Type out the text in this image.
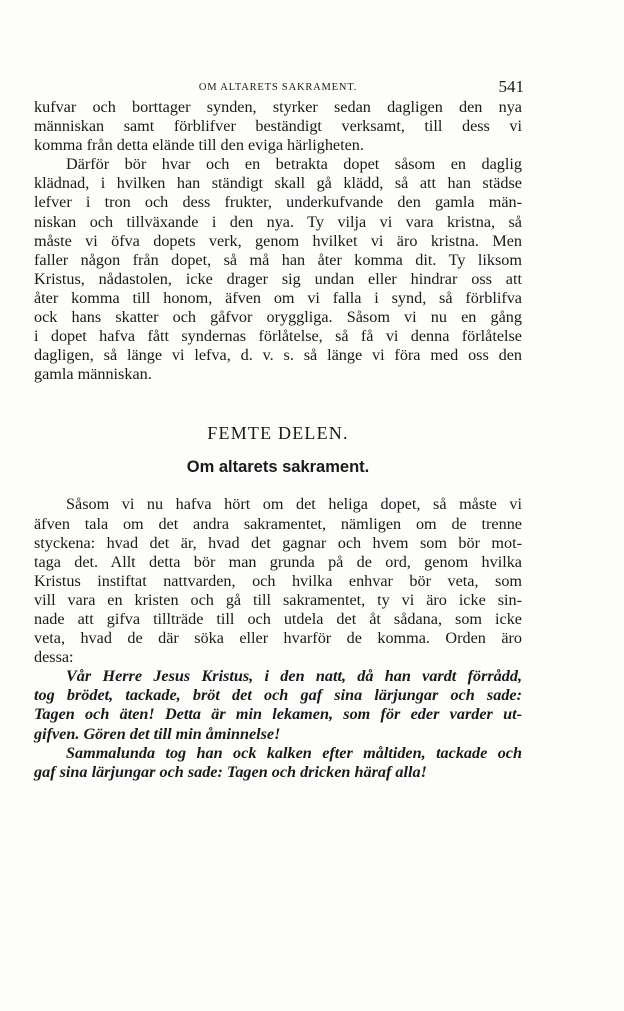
OM ALTARETS SAKRAMENT.	541
kufvar och borttager synden, styrker sedan dagligen den nya
människan samt förblifver beständigt verksamt, till dess vi
komma från detta elände till den eviga härligheten.
Därför bör hvar och en betrakta dopet såsom en daglig
klädnad, i hvilken han ständigt skall gå klädd, så att han städse
lefver i tron och dess frukter, underkufvande den gamla män-
niskan och tillväxande i den nya. Ty vilja vi vara kristna, så
måste vi öfva dopets verk, genom hvilket vi äro kristna. Men
faller någon från dopet, så må han åter komma dit. Ty liksom
Kristus, nådastolen, icke drager sig undan eller hindrar oss att
åter komma till honom, äfven om vi falla i synd, så förblifva
ock hans skatter och gåfvor oryggliga. Såsom vi nu en gång
i dopet hafva fått syndernas förlåtelse, så få vi denna förlåtelse
dagligen, så länge vi lefva, d. v. s. så länge vi föra med oss den
gamla människan.
FEMTE DELEN.
Om altarets sakrament.
Såsom vi nu hafva hört om det heliga dopet, så måste vi
äfven tala om det andra sakramentet, nämligen om de trenne
styckena: hvad det är, hvad det gagnar och hvem som bör mot-
taga det. Allt detta bör man grunda på de ord, genom hvilka
Kristus instiftat nattvarden, och hvilka enhvar bör veta, som
vill vara en kristen och gå till sakramentet, ty vi äro icke sin-
nade att gifva tillträde till och utdela det åt sådana, som icke
veta, hvad de där söka eller hvarför de komma. Orden äro
dessa:
Vår Herre Jesus Kristus, i den natt, då han vardt förrådd,
tog brödet, tackade, bröt det och gaf sina lärjungar och sade:
Tagen och äten! Detta är min lekamen, som för eder varder ut-
gifven. Gören det till min åminnelse!
Sammalunda tog han ock kalken efter måltiden, tackade och
gaf sina lärjungar och sade: Tagen och dricken häraf alla!
